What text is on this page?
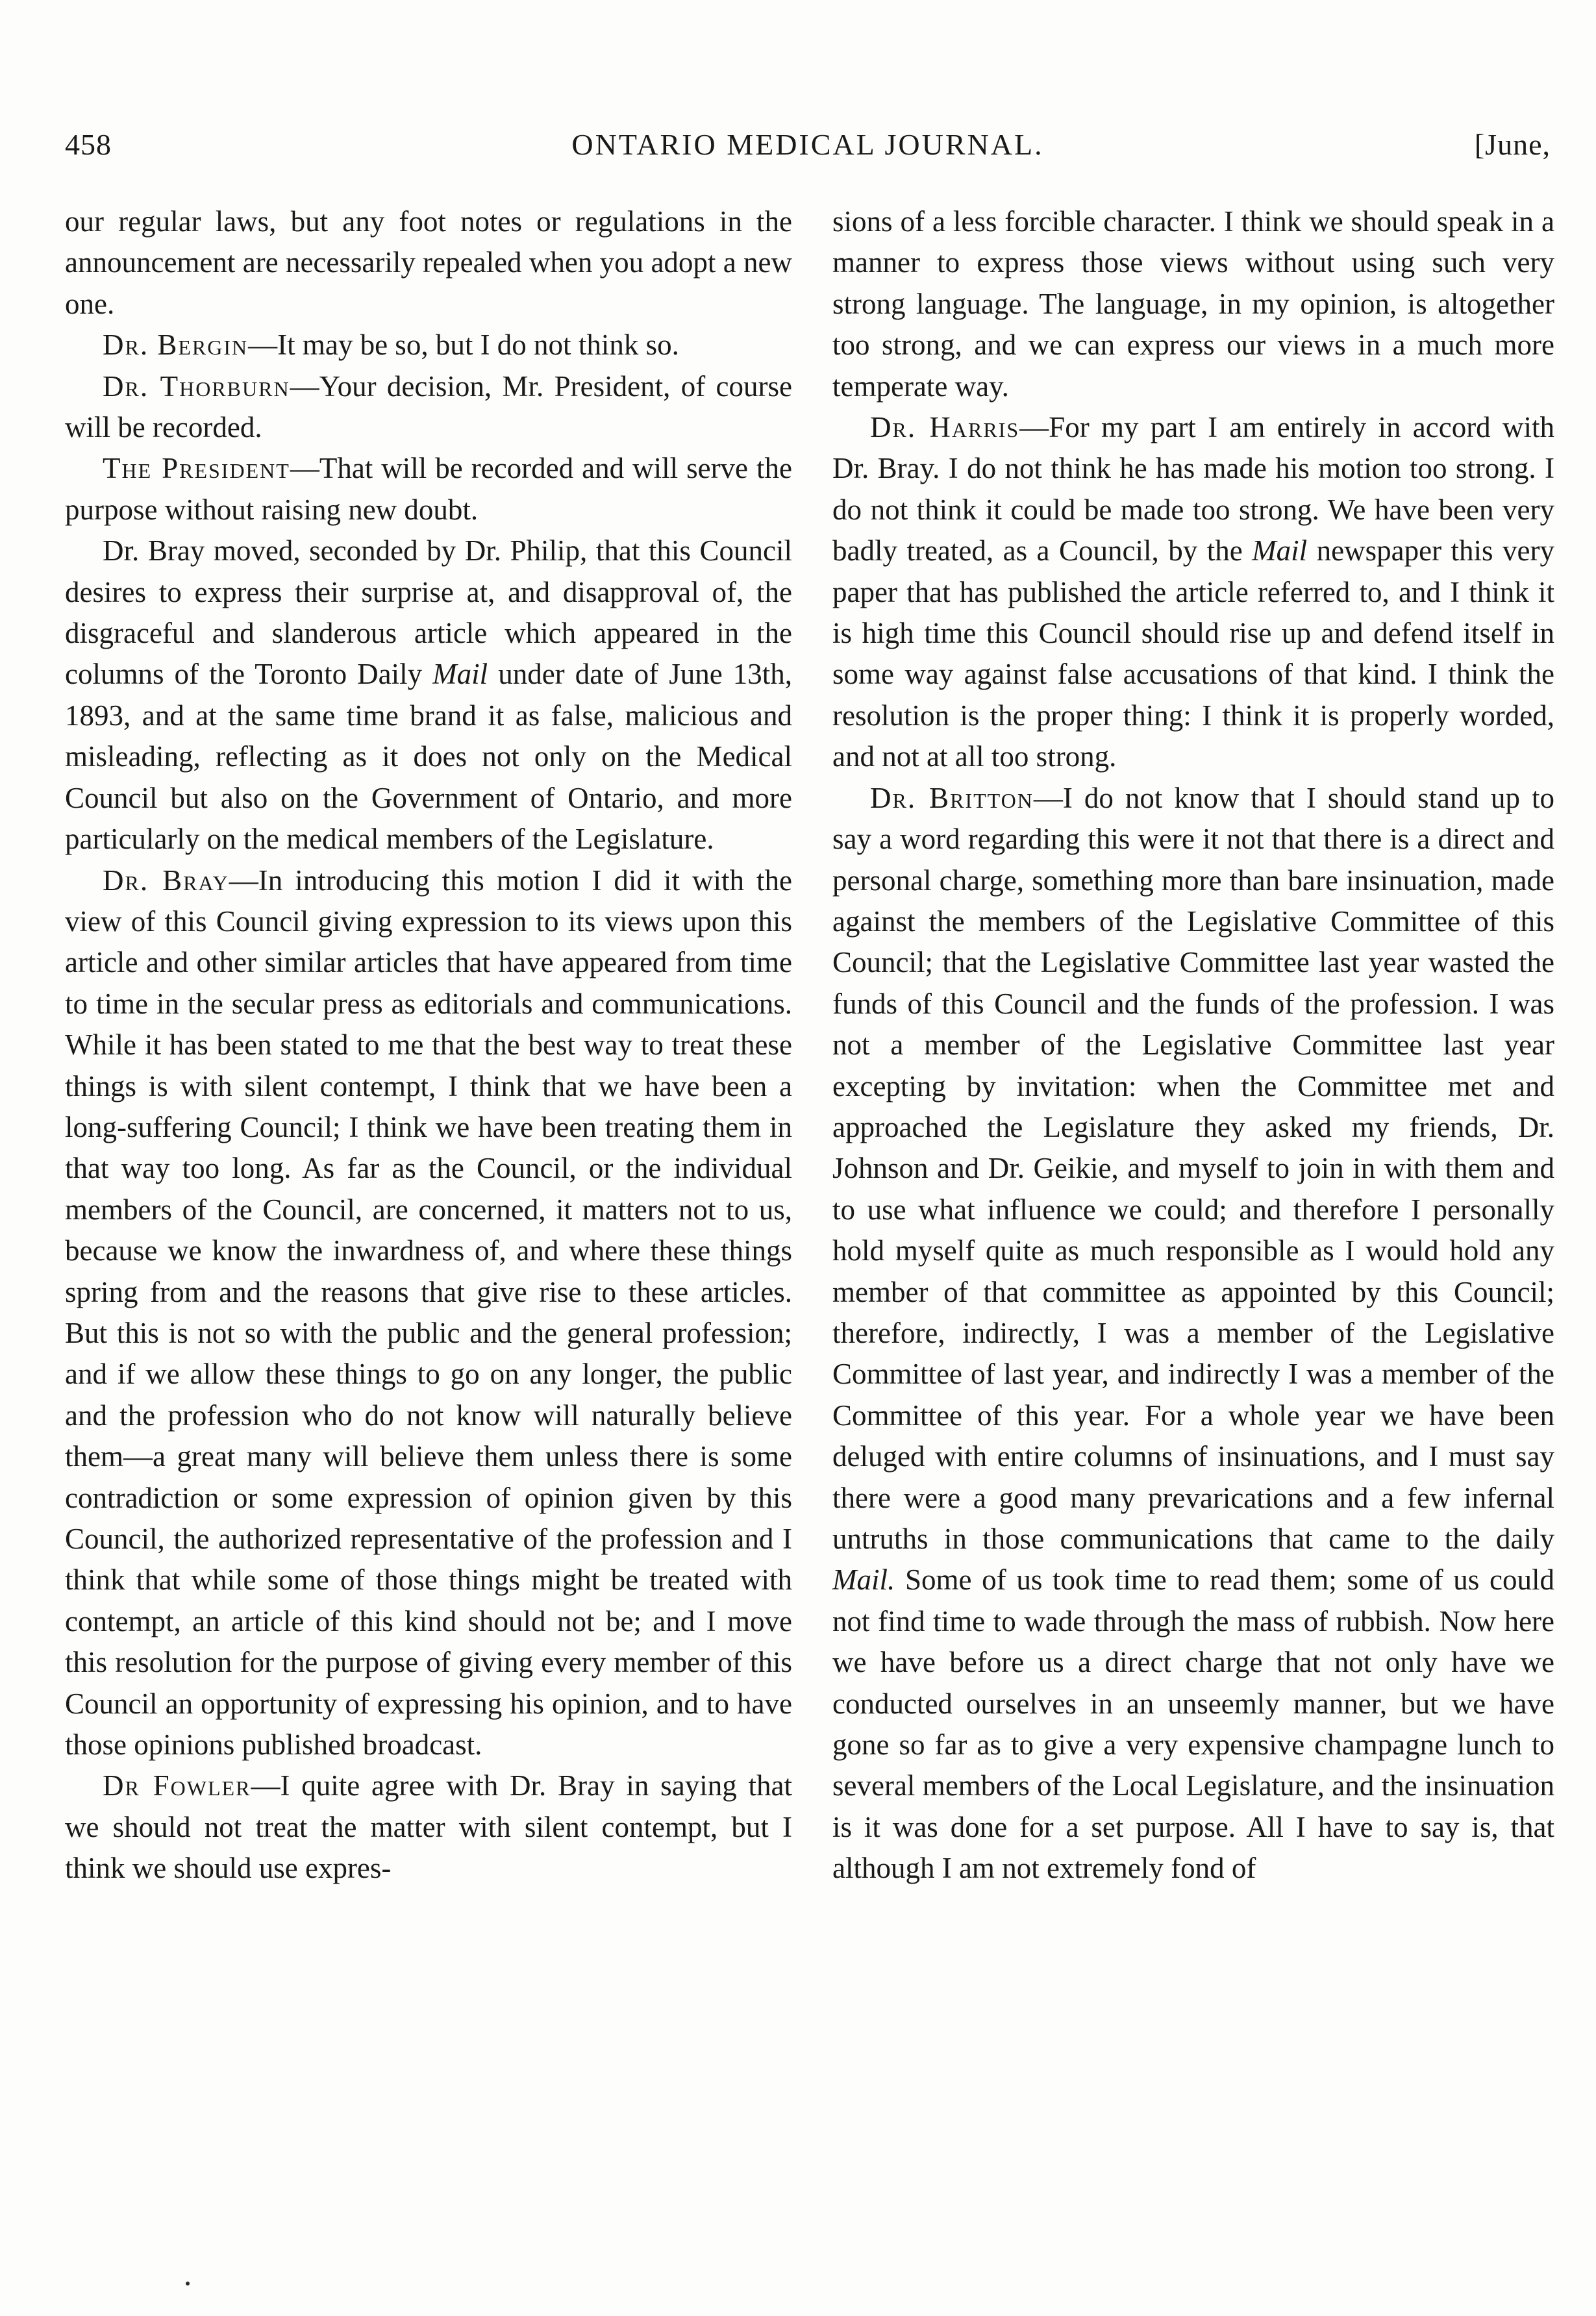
458	ONTARIO MEDICAL JOURNAL.	[June,

our regular laws, but any foot notes or regulations in the announcement are necessarily repealed when you adopt a new one.

Dr. Bergin—It may be so, but I do not think so.

Dr. Thorburn—Your decision, Mr. President, of course will be recorded.

The President—That will be recorded and will serve the purpose without raising new doubt.

Dr. Bray moved, seconded by Dr. Philip, that this Council desires to express their surprise at, and disapproval of, the disgraceful and slanderous article which appeared in the columns of the Toronto Daily Mail under date of June 13th, 1893, and at the same time brand it as false, malicious and misleading, reflecting as it does not only on the Medical Council but also on the Government of Ontario, and more particularly on the medical members of the Legislature.

Dr. Bray—In introducing this motion I did it with the view of this Council giving expression to its views upon this article and other similar articles that have appeared from time to time in the secular press as editorials and communications. While it has been stated to me that the best way to treat these things is with silent contempt, I think that we have been a long-suffering Council; I think we have been treating them in that way too long. As far as the Council, or the individual members of the Council, are concerned, it matters not to us, because we know the inwardness of, and where these things spring from and the reasons that give rise to these articles. But this is not so with the public and the general profession; and if we allow these things to go on any longer, the public and the profession who do not know will naturally believe them—a great many will believe them unless there is some contradiction or some expression of opinion given by this Council, the authorized representative of the profession and I think that while some of those things might be treated with contempt, an article of this kind should not be; and I move this resolution for the purpose of giving every member of this Council an opportunity of expressing his opinion, and to have those opinions published broadcast.

Dr Fowler—I quite agree with Dr. Bray in saying that we should not treat the matter with silent contempt, but I think we should use expres-

sions of a less forcible character. I think we should speak in a manner to express those views without using such very strong language. The language, in my opinion, is altogether too strong, and we can express our views in a much more temperate way.

Dr. Harris—For my part I am entirely in accord with Dr. Bray. I do not think he has made his motion too strong. I do not think it could be made too strong. We have been very badly treated, as a Council, by the Mail newspaper this very paper that has published the article referred to, and I think it is high time this Council should rise up and defend itself in some way against false accusations of that kind. I think the resolution is the proper thing: I think it is properly worded, and not at all too strong.

Dr. Britton—I do not know that I should stand up to say a word regarding this were it not that there is a direct and personal charge, something more than bare insinuation, made against the members of the Legislative Committee of this Council; that the Legislative Committee last year wasted the funds of this Council and the funds of the profession. I was not a member of the Legislative Committee last year excepting by invitation: when the Committee met and approached the Legislature they asked my friends, Dr. Johnson and Dr. Geikie, and myself to join in with them and to use what influence we could; and therefore I personally hold myself quite as much responsible as I would hold any member of that committee as appointed by this Council; therefore, indirectly, I was a member of the Legislative Committee of last year, and indirectly I was a member of the Committee of this year. For a whole year we have been deluged with entire columns of insinuations, and I must say there were a good many prevarications and a few infernal untruths in those communications that came to the daily Mail. Some of us took time to read them; some of us could not find time to wade through the mass of rubbish. Now here we have before us a direct charge that not only have we conducted ourselves in an unseemly manner, but we have gone so far as to give a very expensive champagne lunch to several members of the Local Legislature, and the insinuation is it was done for a set purpose. All I have to say is, that although I am not extremely fond of
